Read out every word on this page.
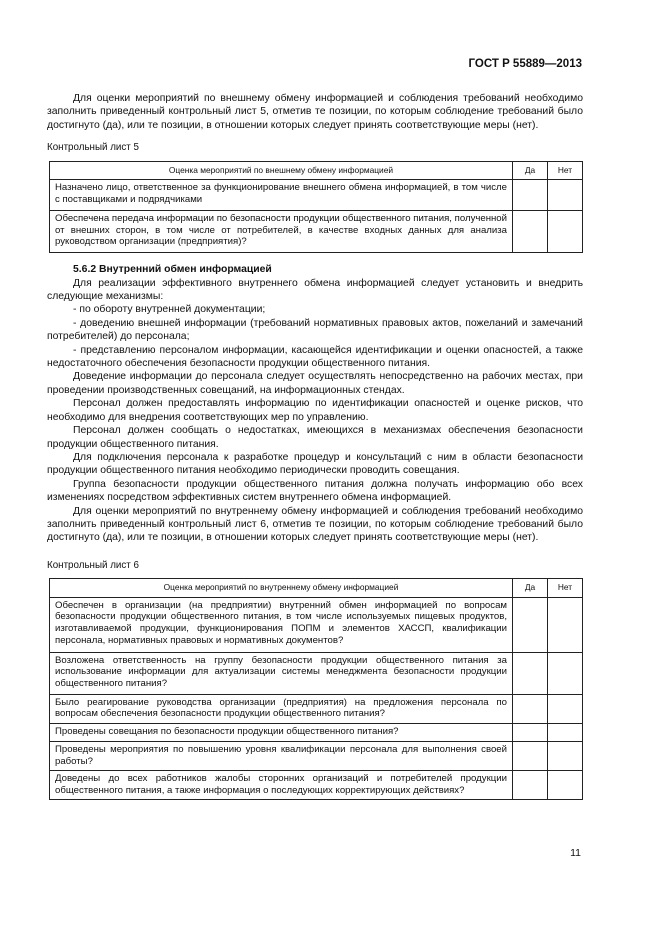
ГОСТ Р 55889—2013

Для оценки мероприятий по внешнему обмену информацией и соблюдения требований необходимо заполнить приведенный контрольный лист 5, отметив те позиции, по которым соблюдение требований было достигнуто (да), или те позиции, в отношении которых следует принять соответствующие меры (нет).

Контрольный лист 5
Оценка мероприятий по внешнему обмену информацией	Да	Нет
Назначено лицо, ответственное за функционирование внешнего обмена информацией, в том числе с поставщиками и подрядчиками		
Обеспечена передача информации по безопасности продукции общественного питания, полученной от внешних сторон, в том числе от потребителей, в качестве входных данных для анализа руководством организации (предприятия)?		

5.6.2 Внутренний обмен информацией

Для реализации эффективного внутреннего обмена информацией следует установить и внедрить следующие механизмы:

- по обороту внутренней документации;

- доведению внешней информации (требований нормативных правовых актов, пожеланий и замечаний потребителей) до персонала;

- представлению персоналом информации, касающейся идентификации и оценки опасностей, а также недостаточного обеспечения безопасности продукции общественного питания.

Доведение информации до персонала следует осуществлять непосредственно на рабочих местах, при проведении производственных совещаний, на информационных стендах.

Персонал должен предоставлять информацию по идентификации опасностей и оценке рисков, что необходимо для внедрения соответствующих мер по управлению.

Персонал должен сообщать о недостатках, имеющихся в механизмах обеспечения безопасности продукции общественного питания.

Для подключения персонала к разработке процедур и консультаций с ним в области безопасности продукции общественного питания необходимо периодически проводить совещания.

Группа безопасности продукции общественного питания должна получать информацию обо всех изменениях посредством эффективных систем внутреннего обмена информацией.

Для оценки мероприятий по внутреннему обмену информацией и соблюдения требований необходимо заполнить приведенный контрольный лист 6, отметив те позиции, по которым соблюдение требований было достигнуто (да), или те позиции, в отношении которых следует принять соответствующие меры (нет).

Контрольный лист 6
Оценка мероприятий по внутреннему обмену информацией	Да	Нет
Обеспечен в организации (на предприятии) внутренний обмен информацией по вопросам безопасности продукции общественного питания, в том числе используемых пищевых продуктов, изготавливаемой продукции, функционирования ПОПМ и элементов ХАССП, квалификации персонала, нормативных правовых и нормативных документов?		
Возложена ответственность на группу безопасности продукции общественного питания за использование информации для актуализации системы менеджмента безопасности продукции общественного питания?		
Было реагирование руководства организации (предприятия) на предложения персонала по вопросам обеспечения безопасности продукции общественного питания?		
Проведены совещания по безопасности продукции общественного питания?		
Проведены мероприятия по повышению уровня квалификации персонала для выполнения своей работы?		
Доведены до всех работников жалобы сторонних организаций и потребителей продукции общественного питания, а также информация о последующих корректирующих действиях?		
11
